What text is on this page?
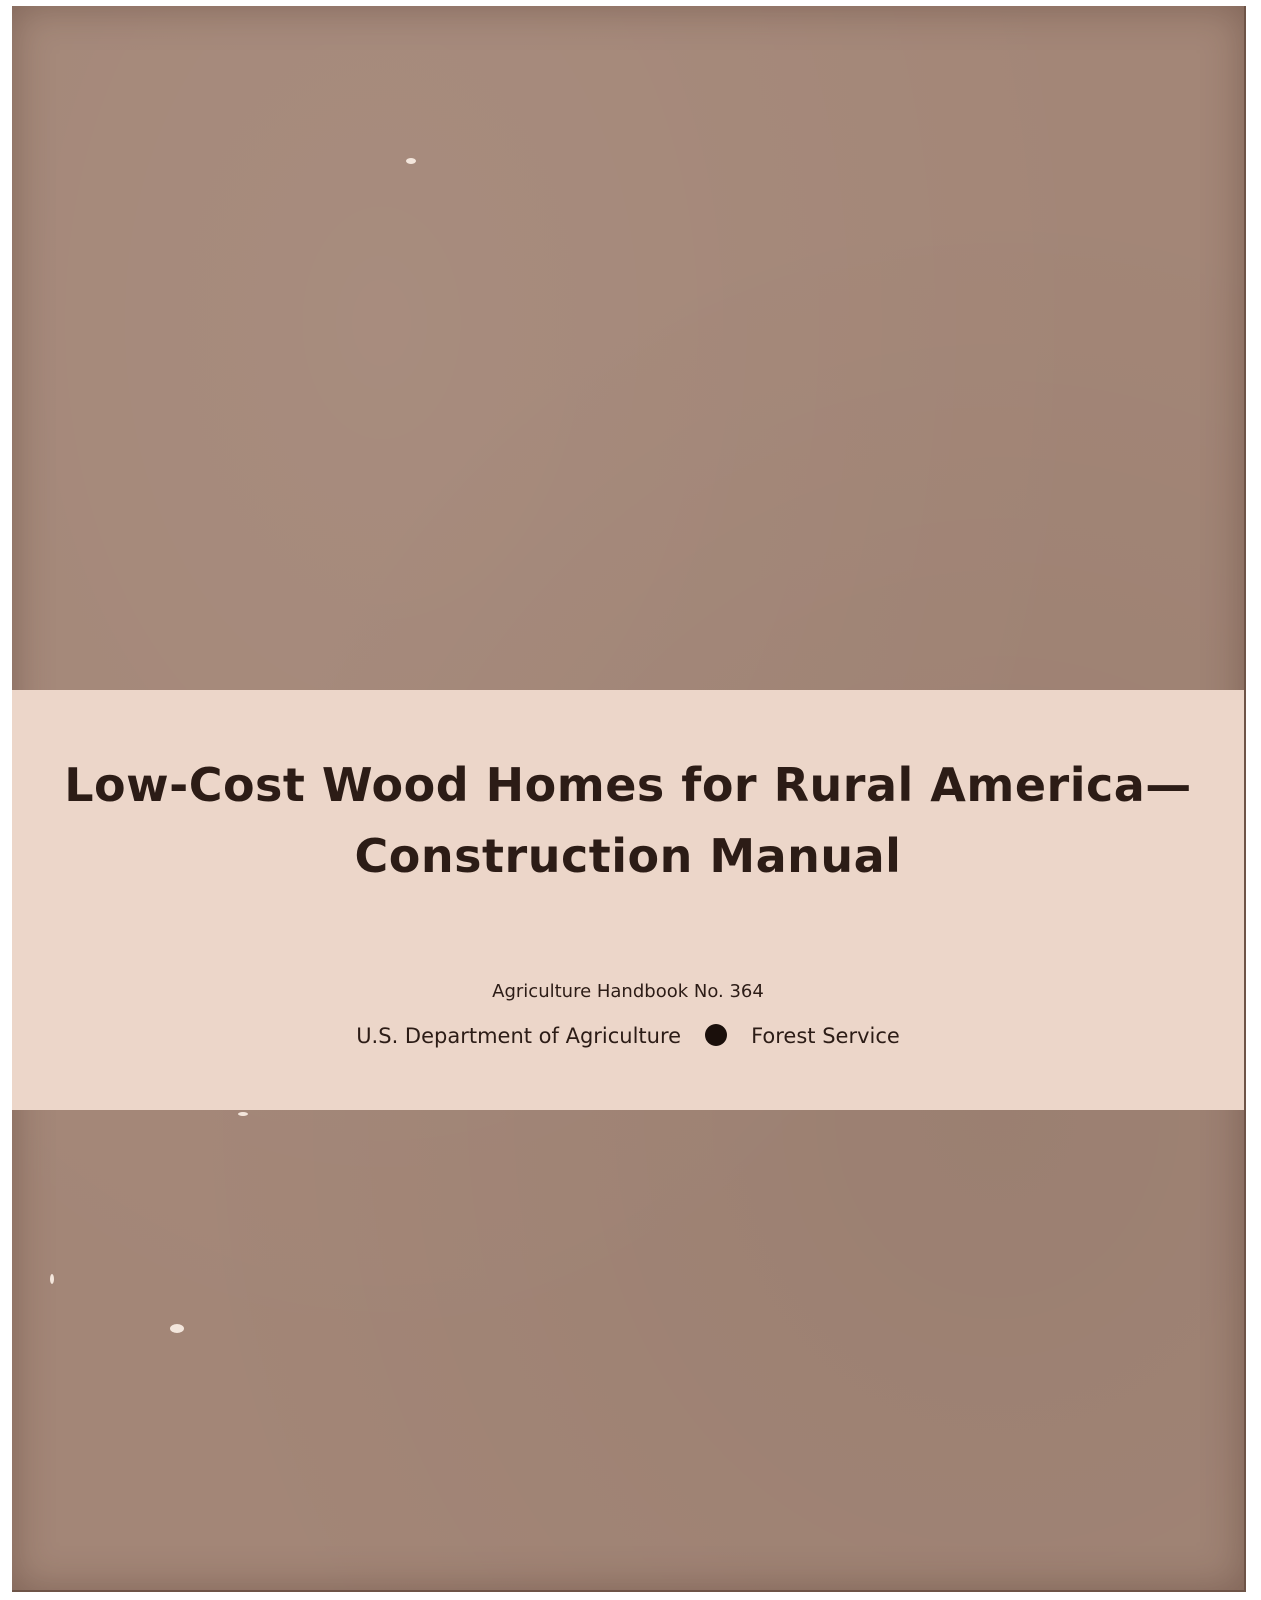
Low-Cost Wood Homes for Rural America—
Construction Manual
Agriculture Handbook No. 364
U.S. Department of Agriculture	Forest Service
